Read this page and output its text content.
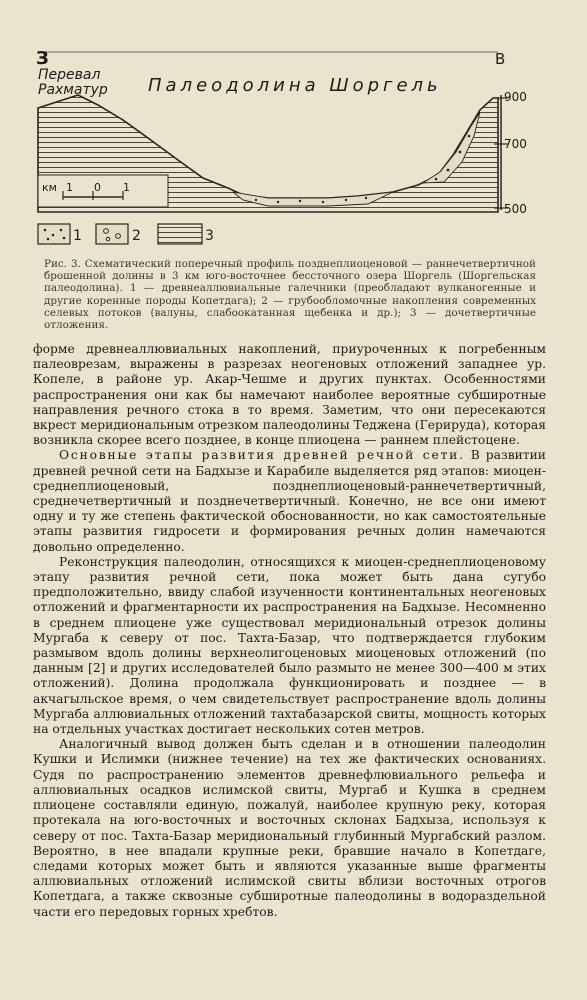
З	В
Перевал
Рахматур Палеодолина Шоргель
900
700
500
км 1 0 1
1	2	3
Рис. 3. Схематический поперечный профиль позднеплиоценовой — раннечетвертичной брошенной долины в 3 км юго-восточнее бессточного озера Шоргель (Шоргельская палеодолина). 1 — древнеаллювиальные галечники (преобладают вулканогенные и другие коренные породы Копетдага); 2 — грубообломочные накопления современных селевых потоков (валуны, слабоокатанная щебенка и др.); 3 — дочетвертичные отложения.

форме древнеаллювиальных накоплений, приуроченных к погребенным палеоврезам, выражены в разрезах неогеновых отложений западнее ур. Копеле, в районе ур. Акар-Чешме и других пунктах. Особенностями распространения они как бы намечают наиболее вероятные субширотные направления речного стока в то время. Заметим, что они пересекаются вкрест меридиональным отрезком палеодолины Теджена (Герируда), которая возникла скорее всего позднее, в конце плиоцена — раннем плейстоцене.

Основные этапы развития древней речной сети. В развитии древней речной сети на Бадхызе и Карабиле выделяется ряд этапов: миоцен-среднеплиоценовый, позднеплиоценовый-раннечетвертичный, среднечетвертичный и позднечетвертичный. Конечно, не все они имеют одну и ту же степень фактической обоснованности, но как самостоятельные этапы развития гидросети и формирования речных долин намечаются довольно определенно.

Реконструкция палеодолин, относящихся к миоцен-среднеплиоценовому этапу развития речной сети, пока может быть дана сугубо предположительно, ввиду слабой изученности континентальных неогеновых отложений и фрагментарности их распространения на Бадхызе. Несомненно в среднем плиоцене уже существовал меридиональный отрезок долины Мургаба к северу от пос. Тахта-Базар, что подтверждается глубоким размывом вдоль долины верхнеолигоценовых миоценовых отложений (по данным [2] и других исследователей было размыто не менее 300—400 м этих отложений). Долина продолжала функционировать и позднее — в акчагыльское время, о чем свидетельствует распространение вдоль долины Мургаба аллювиальных отложений тахтабазарской свиты, мощность которых на отдельных участках достигает нескольких сотен метров.

Аналогичный вывод должен быть сделан и в отношении палеодолин Кушки и Ислимки (нижнее течение) на тех же фактических основаниях. Судя по распространению элементов древнефлювиального рельефа и аллювиальных осадков ислимской свиты, Мургаб и Кушка в среднем плиоцене составляли единую, пожалуй, наиболее крупную реку, которая протекала на юго-восточных и восточных склонах Бадхыза, используя к северу от пос. Тахта-Базар меридиональный глубинный Мургабский разлом. Вероятно, в нее впадали крупные реки, бравшие начало в Копетдаге, следами которых может быть и являются указанные выше фрагменты аллювиальных отложений ислимской свиты вблизи восточных отрогов Копетдага, а также сквозные субширотные палеодолины в водораздельной части его передовых горных хребтов.
